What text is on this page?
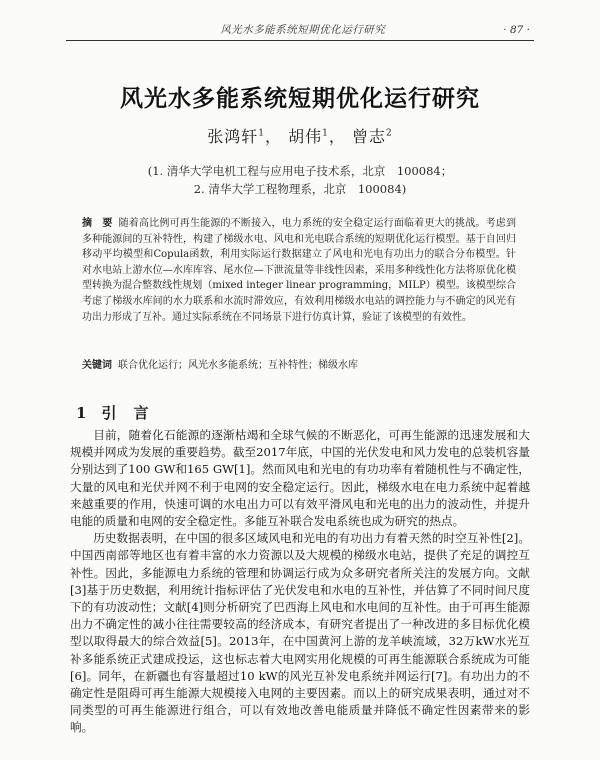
风光水多能系统短期优化运行研究	· 87 ·
风光水多能系统短期优化运行研究
张鸿轩$^1$， 胡伟$^1$， 曾志$^2$
(1. 清华大学电机工程与应用电子技术系，北京　100084；
2. 清华大学工程物理系，北京　100084)
摘　要 随着高比例可再生能源的不断接入，电力系统的安全稳定运行面临着更大的挑战。考虑到多种能源间的互补特性，构建了梯级水电、风电和光电联合系统的短期优化运行模型。基于自回归移动平均模型和Copula函数，利用实际运行数据建立了风电和光电有功出力的联合分布模型。针对水电站上游水位—水库库容、尾水位—下泄流量等非线性因素，采用多种线性化方法将原优化模型转换为混合整数线性规划（mixed integer linear programming，MILP）模型。该模型综合考虑了梯级水库间的水力联系和水流时滞效应，有效利用梯级水电站的调控能力与不确定的风光有功出力形成了互补。通过实际系统在不同场景下进行仿真计算，验证了该模型的有效性。
关键词 联合优化运行；风光水多能系统；互补特性；梯级水库
1 引　言

目前，随着化石能源的逐渐枯竭和全球气候的不断恶化，可再生能源的迅速发展和大规模并网成为发展的重要趋势。截至2017年底，中国的光伏发电和风力发电的总装机容量分别达到了100 GW和165 GW[1]。然而风电和光电的有功功率有着随机性与不确定性，大量的风电和光伏并网不利于电网的安全稳定运行。因此，梯级水电在电力系统中起着越来越重要的作用，快速可调的水电出力可以有效平滑风电和光电的出力的波动性，并提升电能的质量和电网的安全稳定性。多能互补联合发电系统也成为研究的热点。

历史数据表明，在中国的很多区域风电和光电的有功出力有着天然的时空互补性[2]。中国西南部等地区也有着丰富的水力资源以及大规模的梯级水电站，提供了充足的调控互补性。因此，多能源电力系统的管理和协调运行成为众多研究者所关注的发展方向。文献[3]基于历史数据，利用统计指标评估了光伏发电和水电的互补性，并估算了不同时间尺度下的有功波动性；文献[4]则分析研究了巴西海上风电和水电间的互补性。由于可再生能源出力不确定性的减小往往需要较高的经济成本，有研究者提出了一种改进的多目标优化模型以取得最大的综合效益[5]。2013年，在中国黄河上游的龙羊峡流域，32万kW水光互补多能系统正式建成投运，这也标志着大电网实用化规模的可再生能源联合系统成为可能[6]。同年，在新疆也有容量超过10 kW的风光互补发电系统并网运行[7]。有功出力的不确定性是阻碍可再生能源大规模接入电网的主要因素。而以上的研究成果表明，通过对不同类型的可再生能源进行组合，可以有效地改善电能质量并降低不确定性因素带来的影响。
